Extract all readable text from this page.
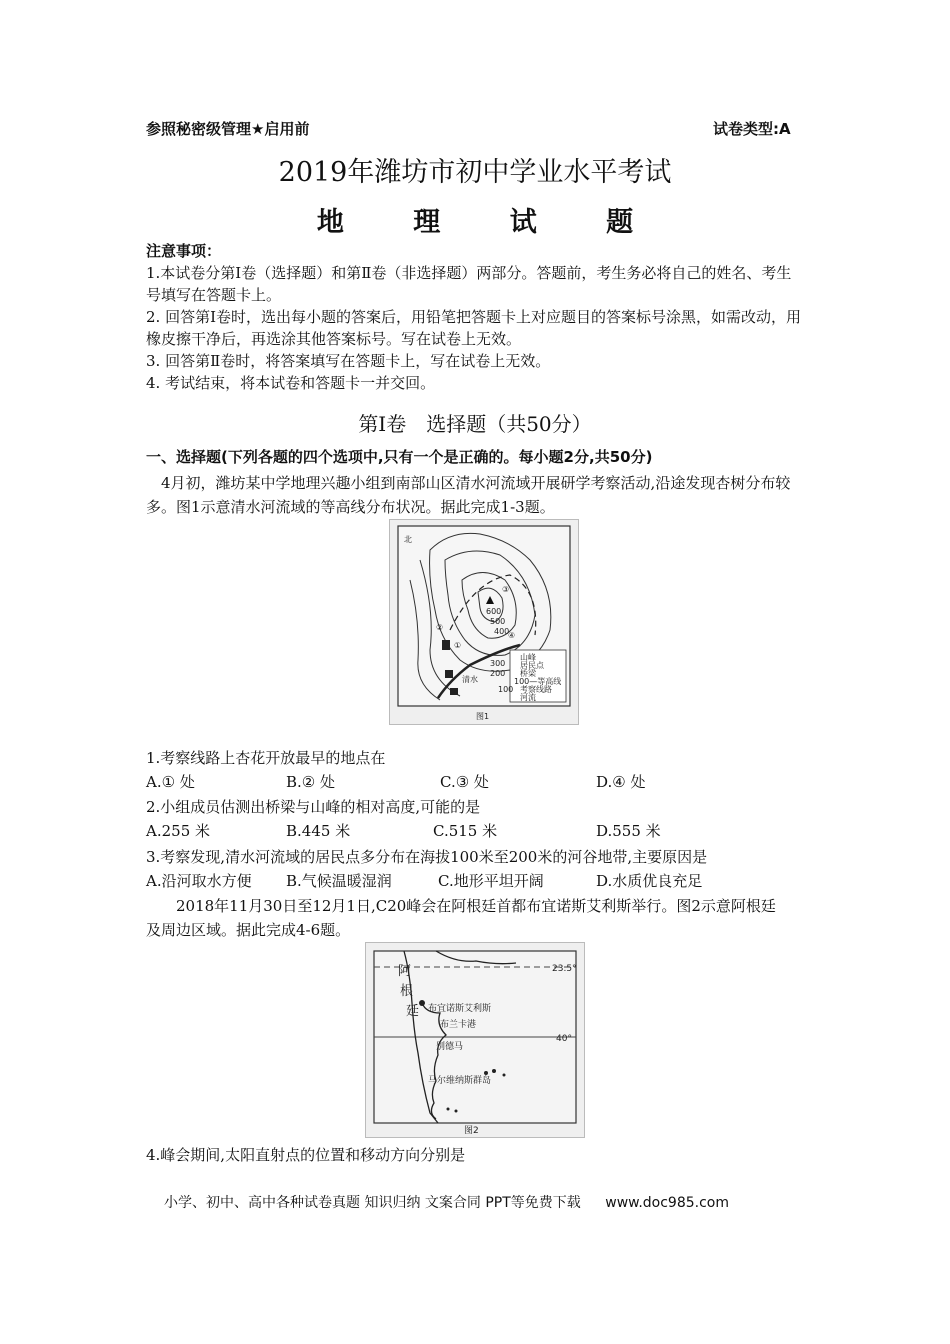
参照秘密级管理★启用前	试卷类型:A
2019年潍坊市初中学业水平考试
地 理 试 题
注意事项：
1.本试卷分第Ⅰ卷（选择题）和第Ⅱ卷（非选择题）两部分。答题前，考生务必将自己的姓名、考生号填写在答题卡上。
2. 回答第Ⅰ卷时，选出每小题的答案后，用铅笔把答题卡上对应题目的答案标号涂黑，如需改动，用橡皮擦干净后，再选涂其他答案标号。写在试卷上无效。
3. 回答第Ⅱ卷时，将答案填写在答题卡上，写在试卷上无效。
4. 考试结束，将本试卷和答题卡一并交回。
第Ⅰ卷　选择题（共50分）
一、选择题(下列各题的四个选项中,只有一个是正确的。每小题2分,共50分)
4月初，潍坊某中学地理兴趣小组到南部山区清水河流域开展研学考察活动,沿途发现杏树分布较多。图1示意清水河流域的等高线分布状况。据此完成1-3题。
北
600
500
400
300
200
100
②
①
③
④
清水
山峰
居民点
桥梁
100—等高线
考察线路
河流
图1
1.考察线路上杏花开放最早的地点在
A.① 处	B.② 处	C.③ 处	D.④ 处
2.小组成员估测出桥梁与山峰的相对高度,可能的是
A.255 米	B.445 米	C.515 米	D.555 米
3.考察发现,清水河流域的居民点多分布在海拔100米至200米的河谷地带,主要原因是
A.沿河取水方便 B.气候温暖湿润	C.地形平坦开阔	D.水质优良充足
2018年11月30日至12月1日,C20峰会在阿根廷首都布宜诺斯艾利斯举行。图2示意阿根廷及周边区域。据此完成4-6题。
阿
根
廷 布宜诺斯艾利斯
布兰卡港
别德马
马尔维纳斯群岛
23.5°
40°
图2
4.峰会期间,太阳直射点的位置和移动方向分别是
小学、初中、高中各种试卷真题 知识归纳 文案合同 PPT等免费下载 www.doc985.com
